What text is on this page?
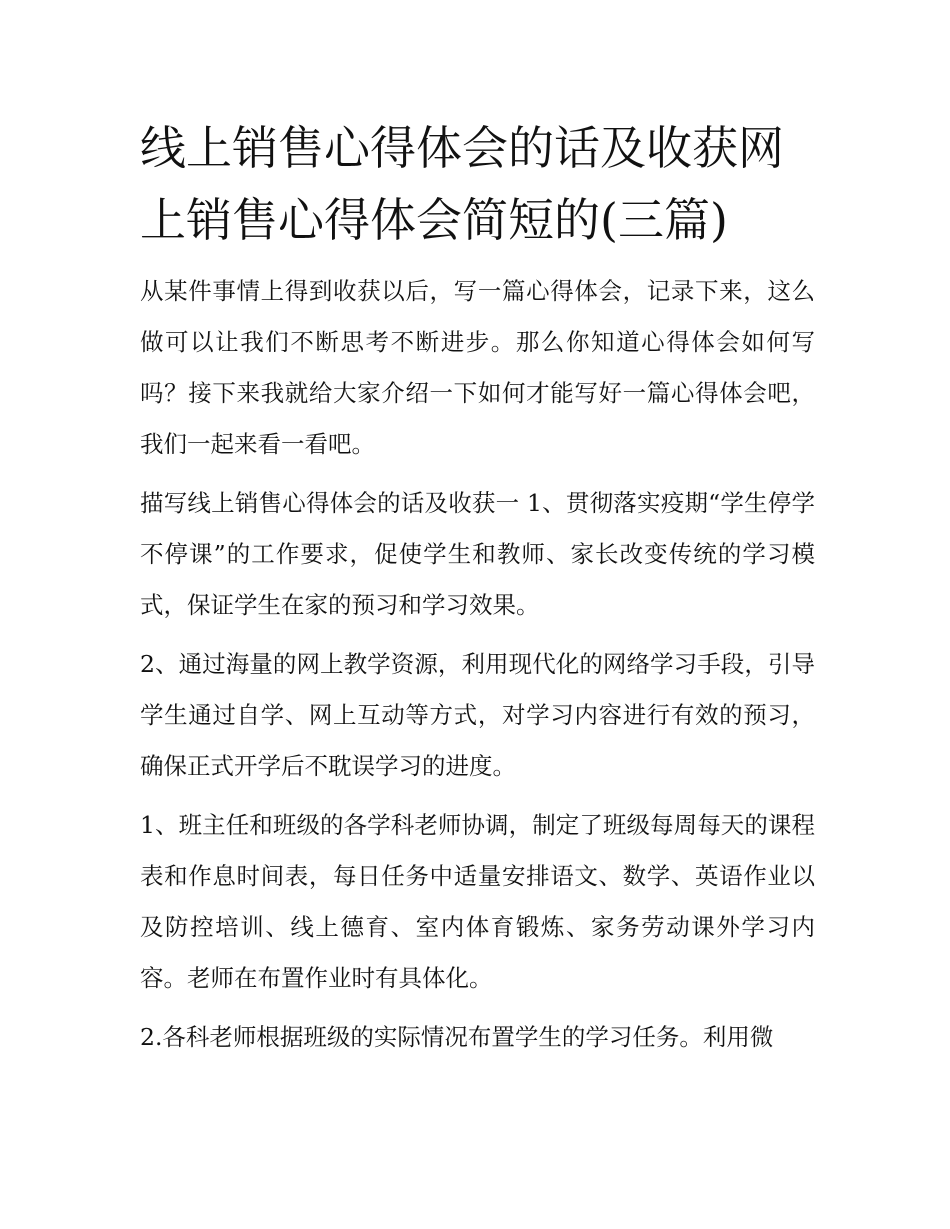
线上销售心得体会的话及收获网上销售心得体会简短的(三篇)

从某件事情上得到收获以后，写一篇心得体会，记录下来，这么做可以让我们不断思考不断进步。那么你知道心得体会如何写吗？接下来我就给大家介绍一下如何才能写好一篇心得体会吧，我们一起来看一看吧。

描写线上销售心得体会的话及收获一 1、贯彻落实疫期“学生停学不停课”的工作要求，促使学生和教师、家长改变传统的学习模式，保证学生在家的预习和学习效果。

2、通过海量的网上教学资源，利用现代化的网络学习手段，引导学生通过自学、网上互动等方式，对学习内容进行有效的预习，确保正式开学后不耽误学习的进度。

1、班主任和班级的各学科老师协调，制定了班级每周每天的课程表和作息时间表，每日任务中适量安排语文、数学、英语作业以及防控培训、线上德育、室内体育锻炼、家务劳动课外学习内容。老师在布置作业时有具体化。

2.各科老师根据班级的实际情况布置学生的学习任务。利用微
